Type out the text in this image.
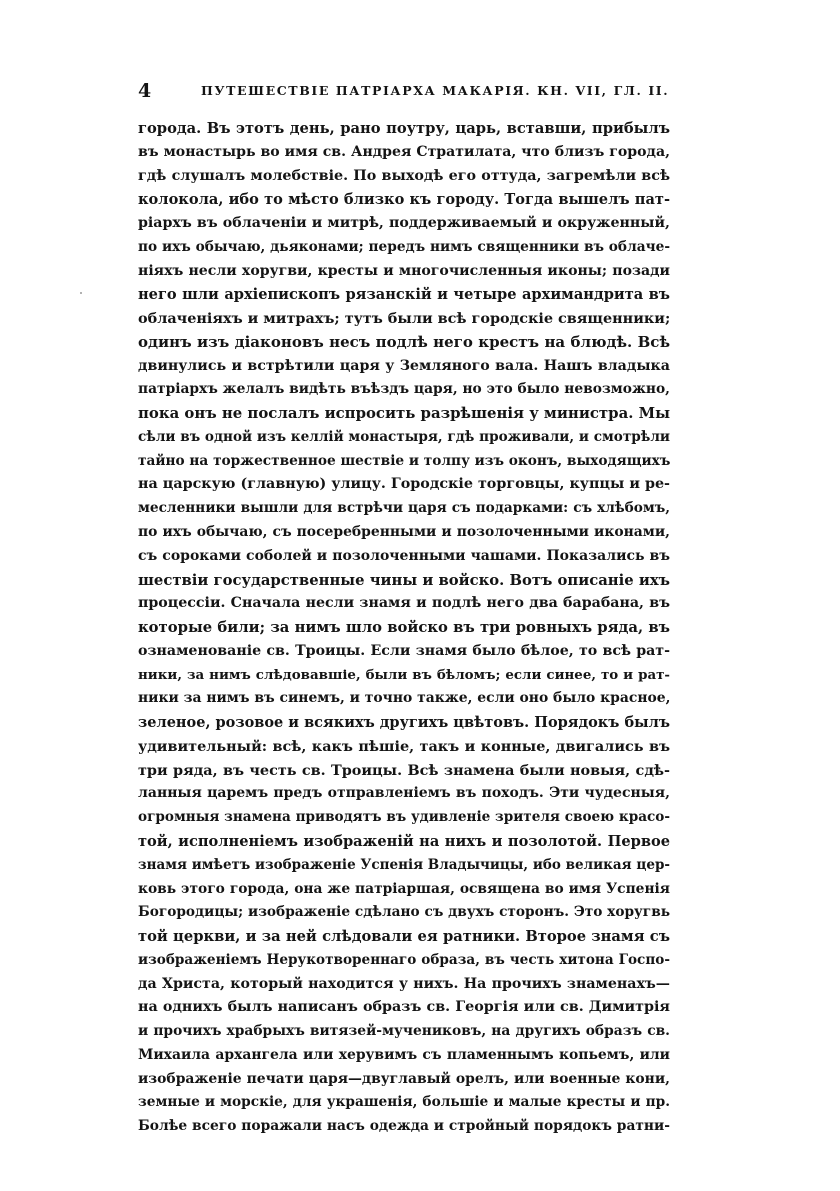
4	ПУТЕШЕСТВІЕ ПАТРІАРХА МАКАРІЯ. КН. VII, ГЛ. II.
города. Въ этотъ день, рано поутру, царь, вставши, прибылъ
въ монастырь во имя св. Андрея Стратилата, что близъ города,
гдѣ слушалъ молебствіе. По выходѣ его оттуда, загремѣли всѣ
колокола, ибо то мѣсто близко къ городу. Тогда вышелъ пат-
ріархъ въ облаченіи и митрѣ, поддерживаемый и окруженный,
по ихъ обычаю, дьяконами; передъ нимъ священники въ облаче-
ніяхъ несли хоругви, кресты и многочисленныя иконы; позади
него шли архіепископъ рязанскій и четыре архимандрита въ
облаченіяхъ и митрахъ; тутъ были всѣ городскіе священники;
одинъ изъ діаконовъ несъ подлѣ него крестъ на блюдѣ. Всѣ
двинулись и встрѣтили царя у Земляного вала. Нашъ владыка
патріархъ желалъ видѣть въѣздъ царя, но это было невозможно,
пока онъ не послалъ испросить разрѣшенія у министра. Мы
сѣли въ одной изъ келлій монастыря, гдѣ проживали, и смотрѣли
тайно на торжественное шествіе и толпу изъ оконъ, выходящихъ
на царскую (главную) улицу. Городскіе торговцы, купцы и ре-
месленники вышли для встрѣчи царя съ подарками: съ хлѣбомъ,
по ихъ обычаю, съ посеребренными и позолоченными иконами,
съ сороками соболей и позолоченными чашами. Показались въ
шествіи государственные чины и войско. Вотъ описаніе ихъ
процессіи. Сначала несли знамя и подлѣ него два барабана, въ
которые били; за нимъ шло войско въ три ровныхъ ряда, въ
ознаменованіе св. Троицы. Если знамя было бѣлое, то всѣ рат-
ники, за нимъ слѣдовавшіе, были въ бѣломъ; если синее, то и рат-
ники за нимъ въ синемъ, и точно также, если оно было красное,
зеленое, розовое и всякихъ другихъ цвѣтовъ. Порядокъ былъ
удивительный: всѣ, какъ пѣшіе, такъ и конные, двигались въ
три ряда, въ честь св. Троицы. Всѣ знамена были новыя, сдѣ-
ланныя царемъ предъ отправленіемъ въ походъ. Эти чудесныя,
огромныя знамена приводятъ въ удивленіе зрителя своею красо-
той, исполненіемъ изображеній на нихъ и позолотой. Первое
знамя имѣетъ изображеніе Успенія Владычицы, ибо великая цер-
ковь этого города, она же патріаршая, освящена во имя Успенія
Богородицы; изображеніе сдѣлано съ двухъ сторонъ. Это хоругвь
той церкви, и за ней слѣдовали ея ратники. Второе знамя съ
изображеніемъ Нерукотвореннаго образа, въ честь хитона Госпо-
да Христа, который находится у нихъ. На прочихъ знаменахъ—
на однихъ былъ написанъ образъ св. Георгія или св. Димитрія
и прочихъ храбрыхъ витязей-мучениковъ, на другихъ образъ св.
Михаила архангела или херувимъ съ пламеннымъ копьемъ, или
изображеніе печати царя—двуглавый орелъ, или военные кони,
земные и морскіе, для украшенія, большіе и малые кресты и пр.
Болѣе всего поражали насъ одежда и стройный порядокъ ратни-
